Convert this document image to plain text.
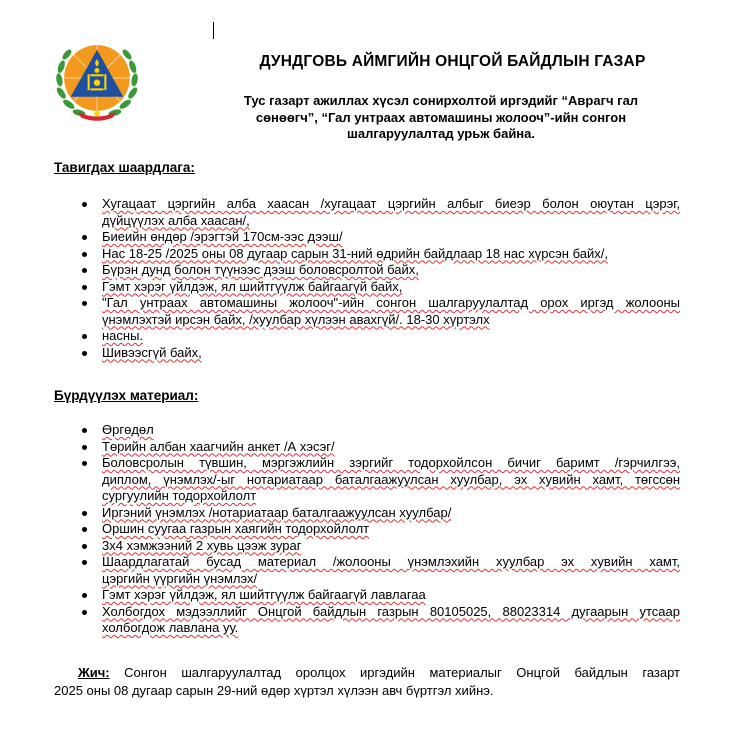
ДУНДГОВЬ АЙМГИЙН ОНЦГОЙ БАЙДЛЫН ГАЗАР
Тус газарт ажиллах хүсэл сонирхолтой иргэдийг “Аврагч гал
сөнөөгч”, “Гал унтраах автомашины жолооч”-ийн сонгон
шалгаруулалтад урьж байна.
Тавигдах шаардлага:
Хугацаат цэргийн алба хаасан /хугацаат цэргийн албыг биеэр болон оюутан цэрэг,
дүйцүүлэх алба хаасан/,
Биеийн өндөр /эрэгтэй 170см-ээс дээш/
Нас 18-25 /2025 оны 08 дугаар сарын 31-ний өдрийн байдлаар 18 нас хүрсэн байх/,
Бүрэн дунд болон түүнээс дээш боловсролтой байх,
Гэмт хэрэг үйлдэж, ял шийтгүүлж байгаагүй байх,
"Гал унтраах автомашины жолооч"-ийн сонгон шалгаруулалтад орох иргэд жолооны
үнэмлэхтэй ирсэн байх, /хуулбар хүлээн авахгүй/. 18-30 хүртэлх
насны.
Шивээсгүй байх,
Бүрдүүлэх материал:
Өргөдөл
Төрийн албан хаагчийн анкет /А хэсэг/
Боловсролын түвшин, мэргэжлийн зэргийг тодорхойлсон бичиг баримт /гэрчилгээ,
диплом, үнэмлэх/-ыг нотариатаар баталгаажуулсан хуулбар, эх хувийн хамт, төгссөн
сургуулийн тодорхойлолт
Иргэний үнэмлэх /нотариатаар баталгаажуулсан хуулбар/
Оршин суугаа газрын хаягийн тодорхойлолт
3х4 хэмжээний 2 хувь цээж зураг
Шаардлагатай бусад материал /жолооны үнэмлэхийн хуулбар эх хувийн хамт,
цэргийн үүргийн үнэмлэх/
Гэмт хэрэг үйлдэж, ял шийтгүүлж байгаагүй лавлагаа
Холбогдох мэдээллийг Онцгой байдлын газрын 80105025, 88023314 дугаарын утсаар
холбогдож лавлана уу.
Жич: Сонгон шалгаруулалтад оролцох иргэдийн материалыг Онцгой байдлын газарт
2025 оны 08 дугаар сарын 29-ний өдөр хүртэл хүлээн авч бүртгэл хийнэ.
